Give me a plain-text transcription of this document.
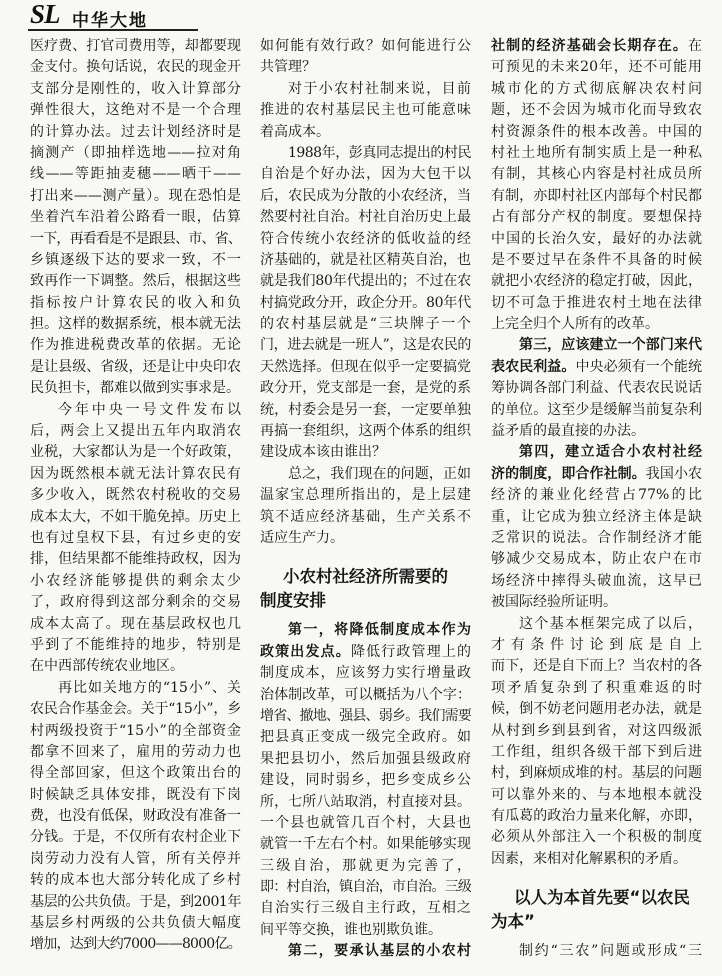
SL 中华大地
医疗费、打官司费用等，却都要现
金支付。换句话说，农民的现金开
支部分是刚性的，收入计算部分
弹性很大，这绝对不是一个合理
的计算办法。过去计划经济时是
摘测产（即抽样选地——拉对角
线——等距抽麦穗——晒干——
打出来——测产量）。现在恐怕是
坐着汽车沿着公路看一眼，估算
一下，再看看是不是跟县、市、省、
乡镇逐级下达的要求一致，不一
致再作一下调整。然后，根据这些
指标按户计算农民的收入和负
担。这样的数据系统，根本就无法
作为推进税费改革的依据。无论
是让县级、省级，还是让中央印农
民负担卡，都难以做到实事求是。
今年中央一号文件发布以
后，两会上又提出五年内取消农
业税，大家都认为是一个好政策，
因为既然根本就无法计算农民有
多少收入，既然农村税收的交易
成本太大，不如干脆免掉。历史上
也有过皇权下县，有过乡吏的安
排，但结果都不能维持政权，因为
小农经济能够提供的剩余太少
了，政府得到这部分剩余的交易
成本太高了。现在基层政权也几
乎到了不能维持的地步，特别是
在中西部传统农业地区。
再比如关地方的“15小”、关
农民合作基金会。关于“15小”，乡
村两级投资于“15小”的全部资金
都拿不回来了，雇用的劳动力也
得全部回家，但这个政策出台的
时候缺乏具体安排，既没有下岗
费，也没有低保，财政没有准备一
分钱。于是，不仅所有农村企业下
岗劳动力没有人管，所有关停并
转的成本也大部分转化成了乡村
基层的公共负债。于是，到2001年
基层乡村两级的公共负债大幅度
增加，达到大约7000——8000亿。
如何能有效行政？如何能进行公
共管理？
对于小农村社制来说，目前
推进的农村基层民主也可能意味
着高成本。
1988年，彭真同志提出的村民
自治是个好办法，因为大包干以
后，农民成为分散的小农经济，当
然要村社自治。村社自治历史上最
符合传统小农经济的低收益的经
济基础的，就是社区精英自治，也
就是我们80年代提出的；不过在农
村搞党政分开，政企分开。80年代
的农村基层就是“三块牌子一个
门，进去就是一班人”，这是农民的
天然选择。但现在似乎一定要搞党
政分开，党支部是一套，是党的系
统，村委会是另一套，一定要单独
再搞一套组织，这两个体系的组织
建设成本该由谁出？
总之，我们现在的问题，正如
温家宝总理所指出的，是上层建
筑不适应经济基础，生产关系不
适应生产力。
小农村社经济所需要的
制度安排
第一，将降低制度成本作为
政策出发点。降低行政管理上的
制度成本，应该努力实行增量政
治体制改革，可以概括为八个字：
增省、撤地、强县、弱乡。我们需要
把县真正变成一级完全政府。如
果把县切小，然后加强县级政府
建设，同时弱乡，把乡变成乡公
所，七所八站取消，村直接对县。
一个县也就管几百个村，大县也
就管一千左右个村。如果能够实现
三级自治，那就更为完善了，
即：村自治，镇自治，市自治。三级
自治实行三级自主行政，互相之
间平等交换，谁也别欺负谁。
第二，要承认基层的小农村
社制的经济基础会长期存在。在
可预见的未来20年，还不可能用
城市化的方式彻底解决农村问
题，还不会因为城市化而导致农
村资源条件的根本改善。中国的
村社土地所有制实质上是一种私
有制，其核心内容是村社成员所
有制，亦即村社区内部每个村民都
占有部分产权的制度。要想保持
中国的长治久安，最好的办法就
是不要过早在条件不具备的时候
就把小农经济的稳定打破，因此，
切不可急于推进农村土地在法律
上完全归个人所有的改革。
第三，应该建立一个部门来代
表农民利益。中央必须有一个能统
筹协调各部门利益、代表农民说话
的单位。这至少是缓解当前复杂利
益矛盾的最直接的办法。
第四，建立适合小农村社经
济的制度，即合作社制。我国小农
经济的兼业化经营占77%的比
重，让它成为独立经济主体是缺
乏常识的说法。合作制经济才能
够减少交易成本，防止农户在市
场经济中摔得头破血流，这早已
被国际经验所证明。
这个基本框架完成了以后，
才有条件讨论到底是自上
而下，还是自下而上？当农村的各
项矛盾复杂到了积重难返的时
候，倒不妨老问题用老办法，就是
从村到乡到县到省，对这四级派
工作组，组织各级干部下到后进
村，到麻烦成堆的村。基层的问题
可以靠外来的、与本地根本就没
有瓜葛的政治力量来化解，亦即，
必须从外部注入一个积极的制度
因素，来相对化解累积的矛盾。
以人为本首先要“以农民
为本”
制约“三农”问题或形成“三
